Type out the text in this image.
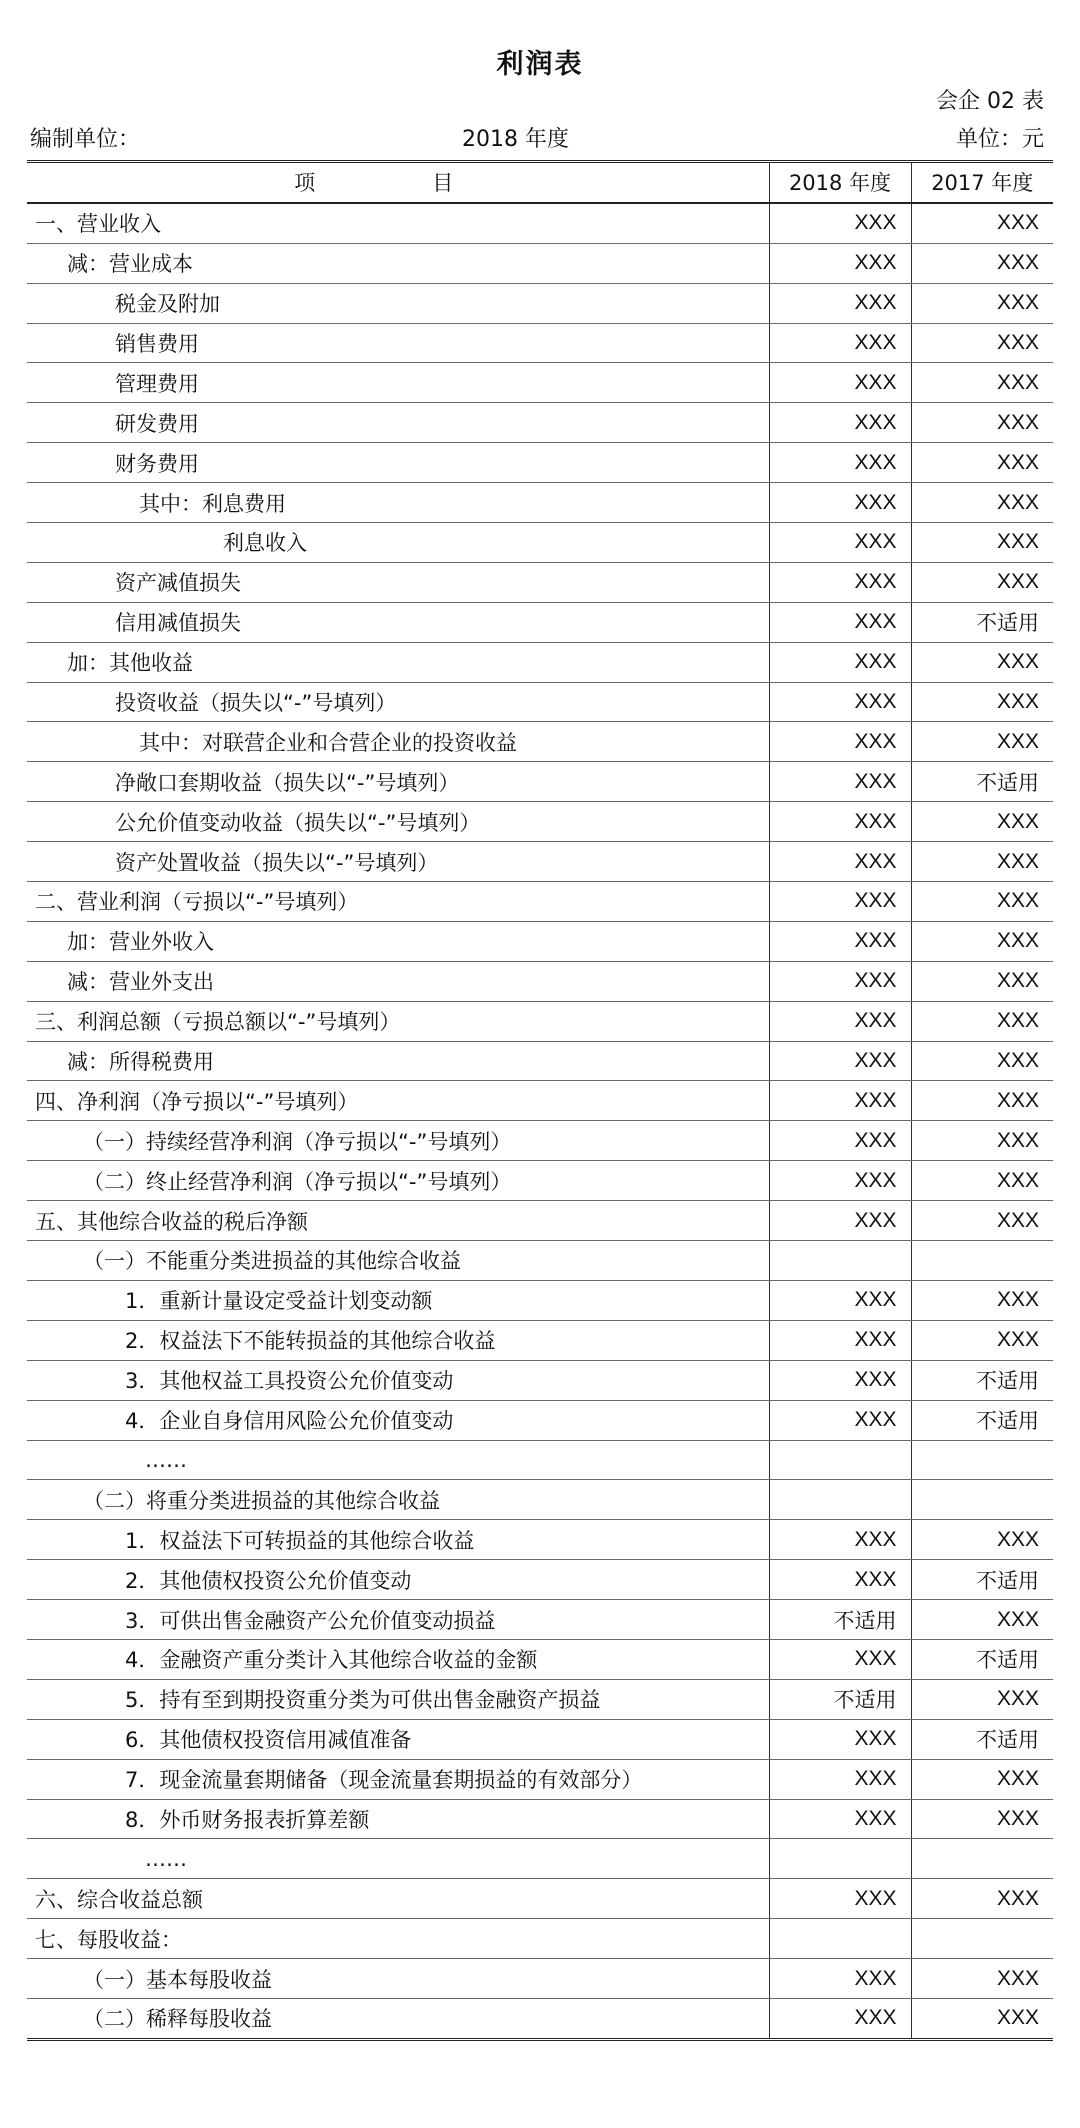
利润表
会企 02 表
编制单位：	2018 年度	单位：元
项　目	2018 年度	2017 年度
一、营业收入	XXX	XXX
减：营业成本	XXX	XXX
税金及附加	XXX	XXX
销售费用	XXX	XXX
管理费用	XXX	XXX
研发费用	XXX	XXX
财务费用	XXX	XXX
其中：利息费用	XXX	XXX
利息收入	XXX	XXX
资产减值损失	XXX	XXX
信用减值损失	XXX	不适用
加：其他收益	XXX	XXX
投资收益（损失以“-”号填列）	XXX	XXX
其中：对联营企业和合营企业的投资收益	XXX	XXX
净敞口套期收益（损失以“-”号填列）	XXX	不适用
公允价值变动收益（损失以“-”号填列）	XXX	XXX
资产处置收益（损失以“-”号填列）	XXX	XXX
二、营业利润（亏损以“-”号填列）	XXX	XXX
加：营业外收入	XXX	XXX
减：营业外支出	XXX	XXX
三、利润总额（亏损总额以“-”号填列）	XXX	XXX
减：所得税费用	XXX	XXX
四、净利润（净亏损以“-”号填列）	XXX	XXX
（一）持续经营净利润（净亏损以“-”号填列）	XXX	XXX
（二）终止经营净利润（净亏损以“-”号填列）	XXX	XXX
五、其他综合收益的税后净额	XXX	XXX
（一）不能重分类进损益的其他综合收益		
1．重新计量设定受益计划变动额	XXX	XXX
2．权益法下不能转损益的其他综合收益	XXX	XXX
3．其他权益工具投资公允价值变动	XXX	不适用
4．企业自身信用风险公允价值变动	XXX	不适用
……		
（二）将重分类进损益的其他综合收益		
1．权益法下可转损益的其他综合收益	XXX	XXX
2．其他债权投资公允价值变动	XXX	不适用
3．可供出售金融资产公允价值变动损益	不适用	XXX
4．金融资产重分类计入其他综合收益的金额	XXX	不适用
5．持有至到期投资重分类为可供出售金融资产损益	不适用	XXX
6．其他债权投资信用减值准备	XXX	不适用
7．现金流量套期储备（现金流量套期损益的有效部分）	XXX	XXX
8．外币财务报表折算差额	XXX	XXX
……		
六、综合收益总额	XXX	XXX
七、每股收益：		
（一）基本每股收益	XXX	XXX
（二）稀释每股收益	XXX	XXX
